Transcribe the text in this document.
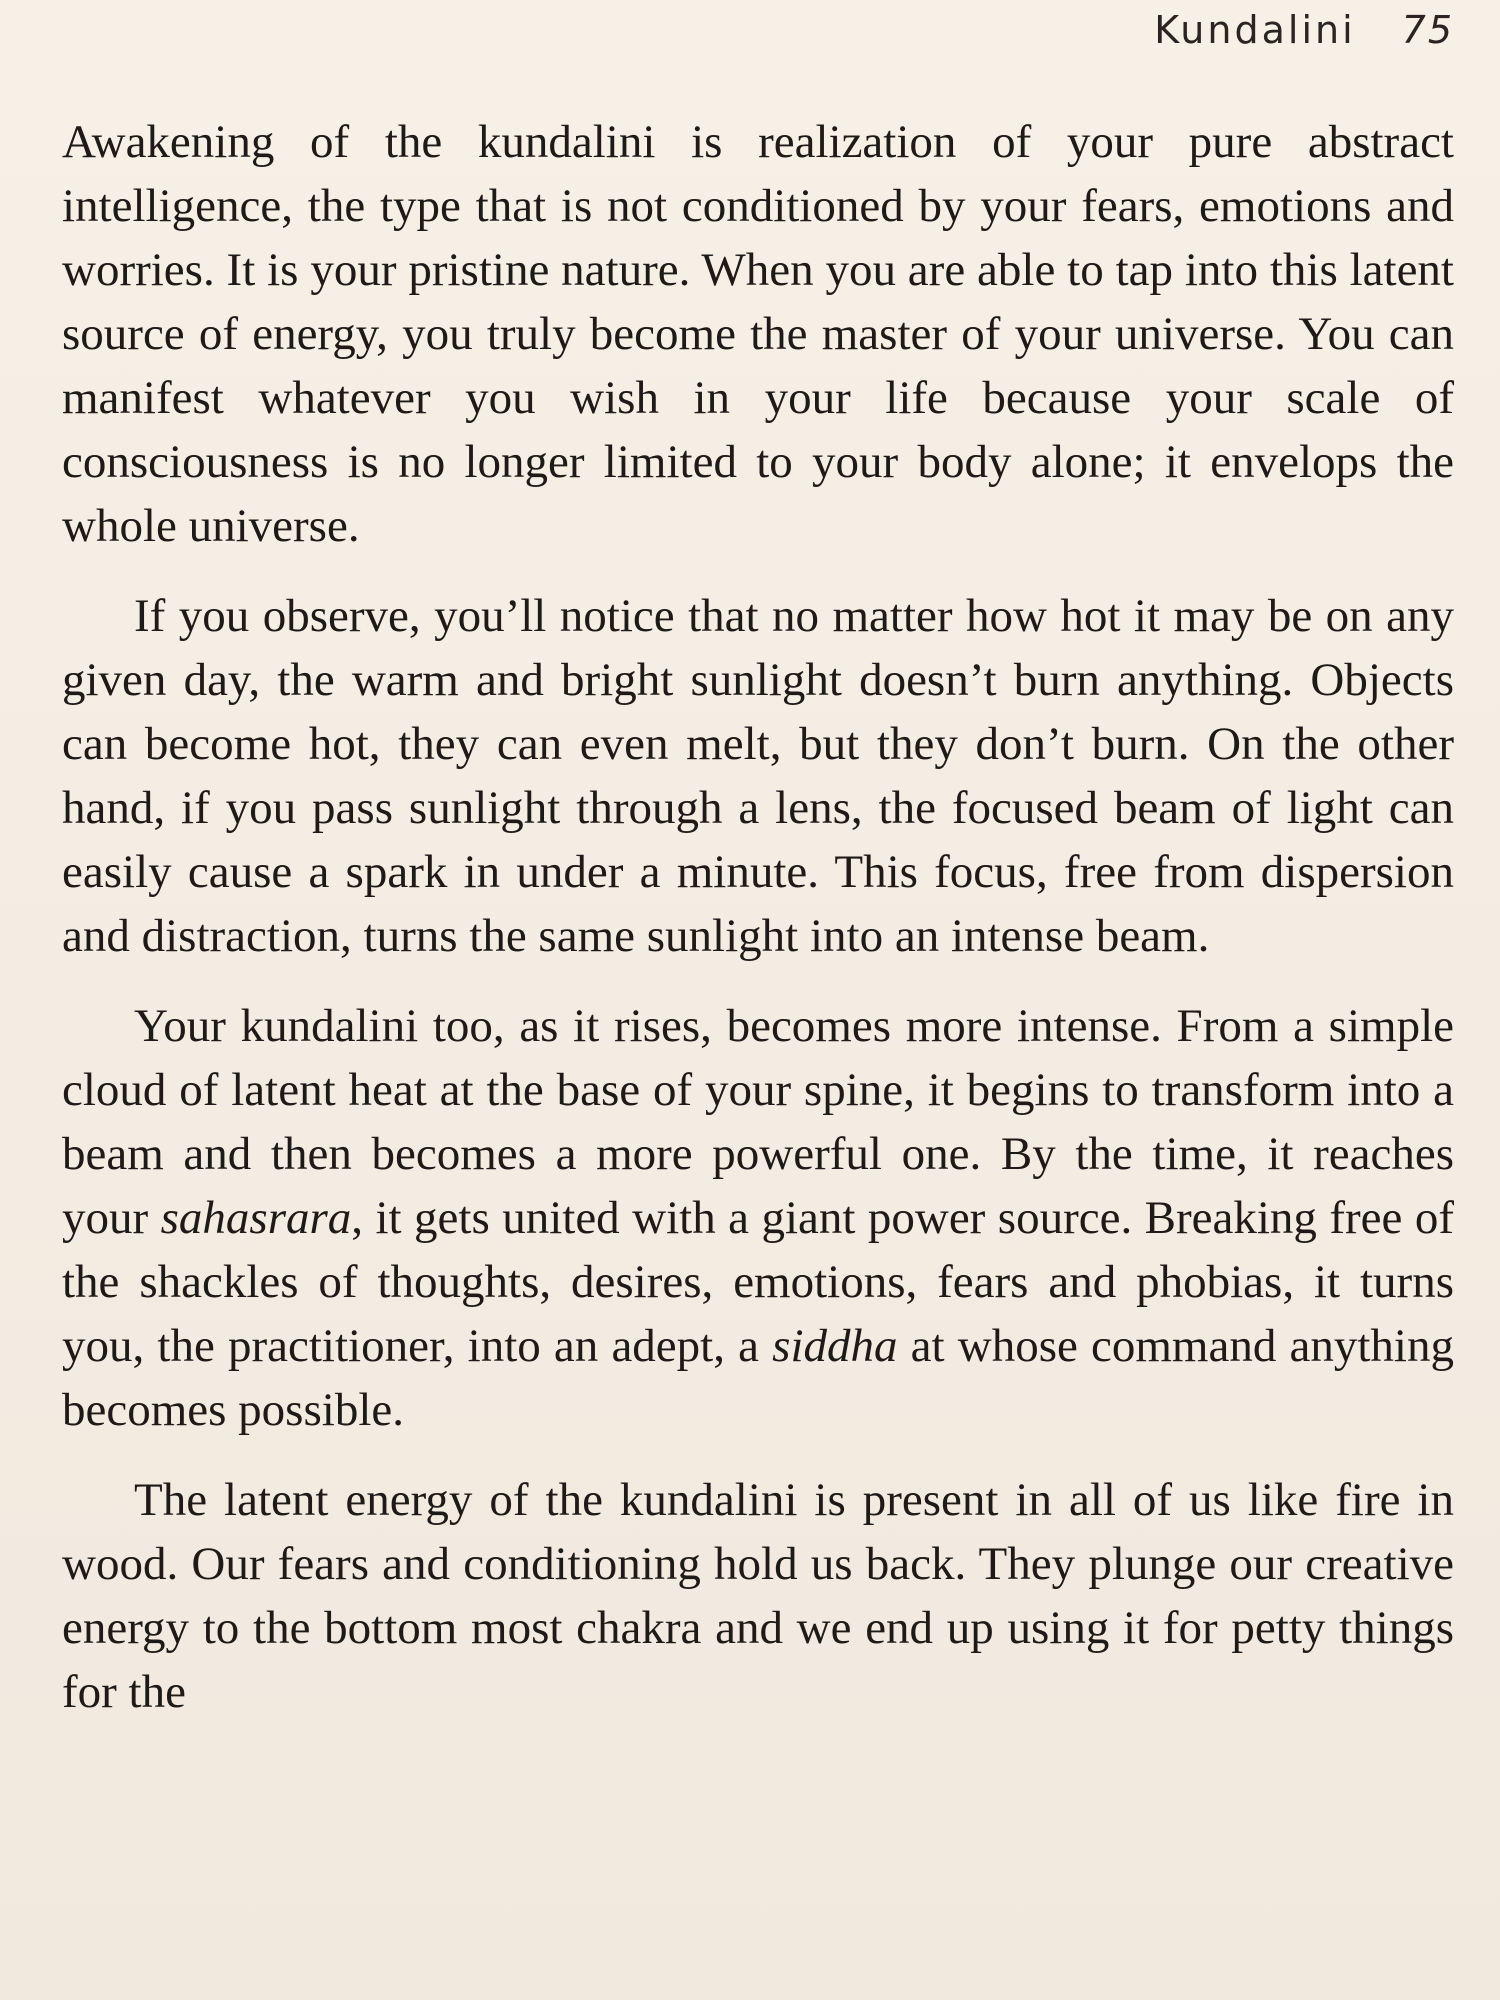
Kundalini 75

Awakening of the kundalini is realization of your pure abstract intelligence, the type that is not conditioned by your fears, emotions and worries. It is your pristine nature. When you are able to tap into this latent source of energy, you truly become the master of your universe. You can manifest whatever you wish in your life because your scale of consciousness is no longer limited to your body alone; it envelops the whole universe.

If you observe, you’ll notice that no matter how hot it may be on any given day, the warm and bright sunlight doesn’t burn anything. Objects can become hot, they can even melt, but they don’t burn. On the other hand, if you pass sunlight through a lens, the focused beam of light can easily cause a spark in under a minute. This focus, free from dispersion and distraction, turns the same sunlight into an intense beam.

Your kundalini too, as it rises, becomes more intense. From a simple cloud of latent heat at the base of your spine, it begins to transform into a beam and then becomes a more powerful one. By the time, it reaches your sahasrara, it gets united with a giant power source. Breaking free of the shackles of thoughts, desires, emotions, fears and phobias, it turns you, the practitioner, into an adept, a siddha at whose command anything becomes possible.

The latent energy of the kundalini is present in all of us like fire in wood. Our fears and conditioning hold us back. They plunge our creative energy to the bottom most chakra and we end up using it for petty things for the
